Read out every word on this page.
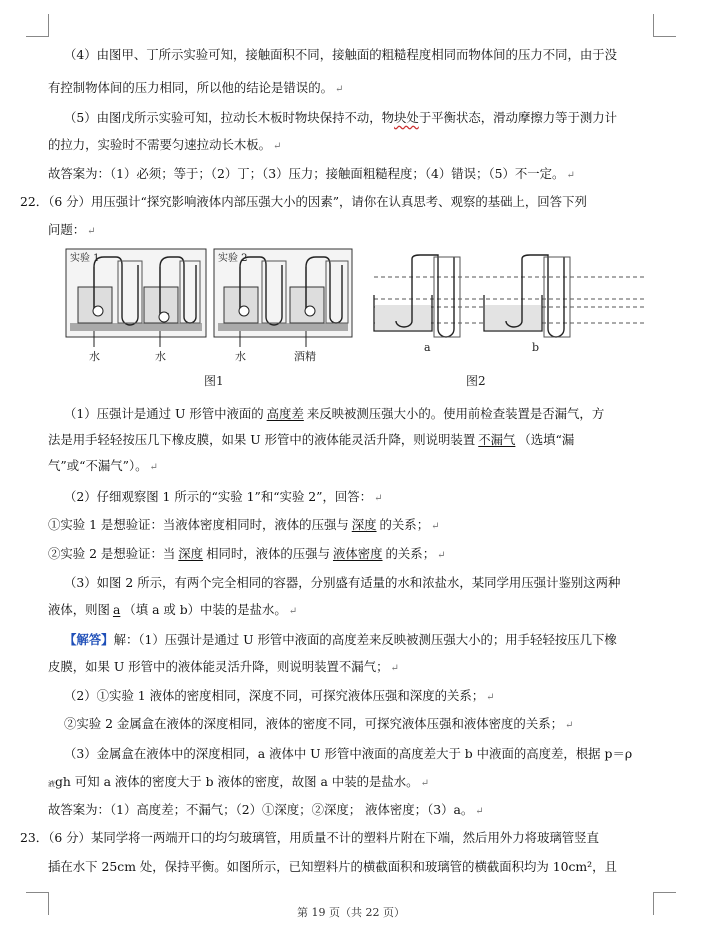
（4）由图甲、丁所示实验可知，接触面积不同，接触面的粗糙程度相同而物体间的压力不同，由于没
有控制物体间的压力相同，所以他的结论是错误的。 ↵
（5）由图戊所示实验可知，拉动长木板时物块保持不动，物块处于平衡状态，滑动摩擦力等于测力计
的拉力，实验时不需要匀速拉动长木板。 ↵
故答案为：（1）必须；等于；（2）丁；（3）压力；接触面粗糙程度；（4）错误；（5）不一定。 ↵
22．（6 分）用压强计“探究影响液体内部压强大小的因素”，请你在认真思考、观察的基础上，回答下列
问题： ↵
实验 1
水	水
实验 2
水	酒精
图1
a	b
图2
（1）压强计是通过 U 形管中液面的 高度差 来反映被测压强大小的。使用前检查装置是否漏气，方
法是用手轻轻按压几下橡皮膜，如果 U 形管中的液体能灵活升降，则说明装置 不漏气 （选填“漏
气”或“不漏气”）。 ↵
（2）仔细观察图 1 所示的“实验 1”和“实验 2”，回答： ↵
①实验 1 是想验证：当液体密度相同时，液体的压强与 深度 的关系； ↵
②实验 2 是想验证：当 深度 相同时，液体的压强与 液体密度 的关系； ↵
（3）如图 2 所示，有两个完全相同的容器，分别盛有适量的水和浓盐水，某同学用压强计鉴别这两种
液体，则图 a （填 a 或 b）中装的是盐水。 ↵
【解答】解：（1）压强计是通过 U 形管中液面的高度差来反映被测压强大小的；用手轻轻按压几下橡
皮膜，如果 U 形管中的液体能灵活升降，则说明装置不漏气； ↵
（2）①实验 1 液体的密度相同，深度不同，可探究液体压强和深度的关系； ↵
②实验 2 金属盒在液体的深度相同，液体的密度不同，可探究液体压强和液体密度的关系； ↵
（3）金属盒在液体中的深度相同，a 液体中 U 形管中液面的高度差大于 b 中液面的高度差，根据 p＝ρ
液gh 可知 a 液体的密度大于 b 液体的密度，故图 a 中装的是盐水。 ↵
故答案为：（1）高度差；不漏气；（2）①深度；②深度； 液体密度；（3）a。 ↵
23．（6 分）某同学将一两端开口的均匀玻璃管，用质量不计的塑料片附在下端，然后用外力将玻璃管竖直
插在水下 25cm 处，保持平衡。如图所示，已知塑料片的横截面积和玻璃管的横截面积均为 10cm²，且
第 19 页（共 22 页）
